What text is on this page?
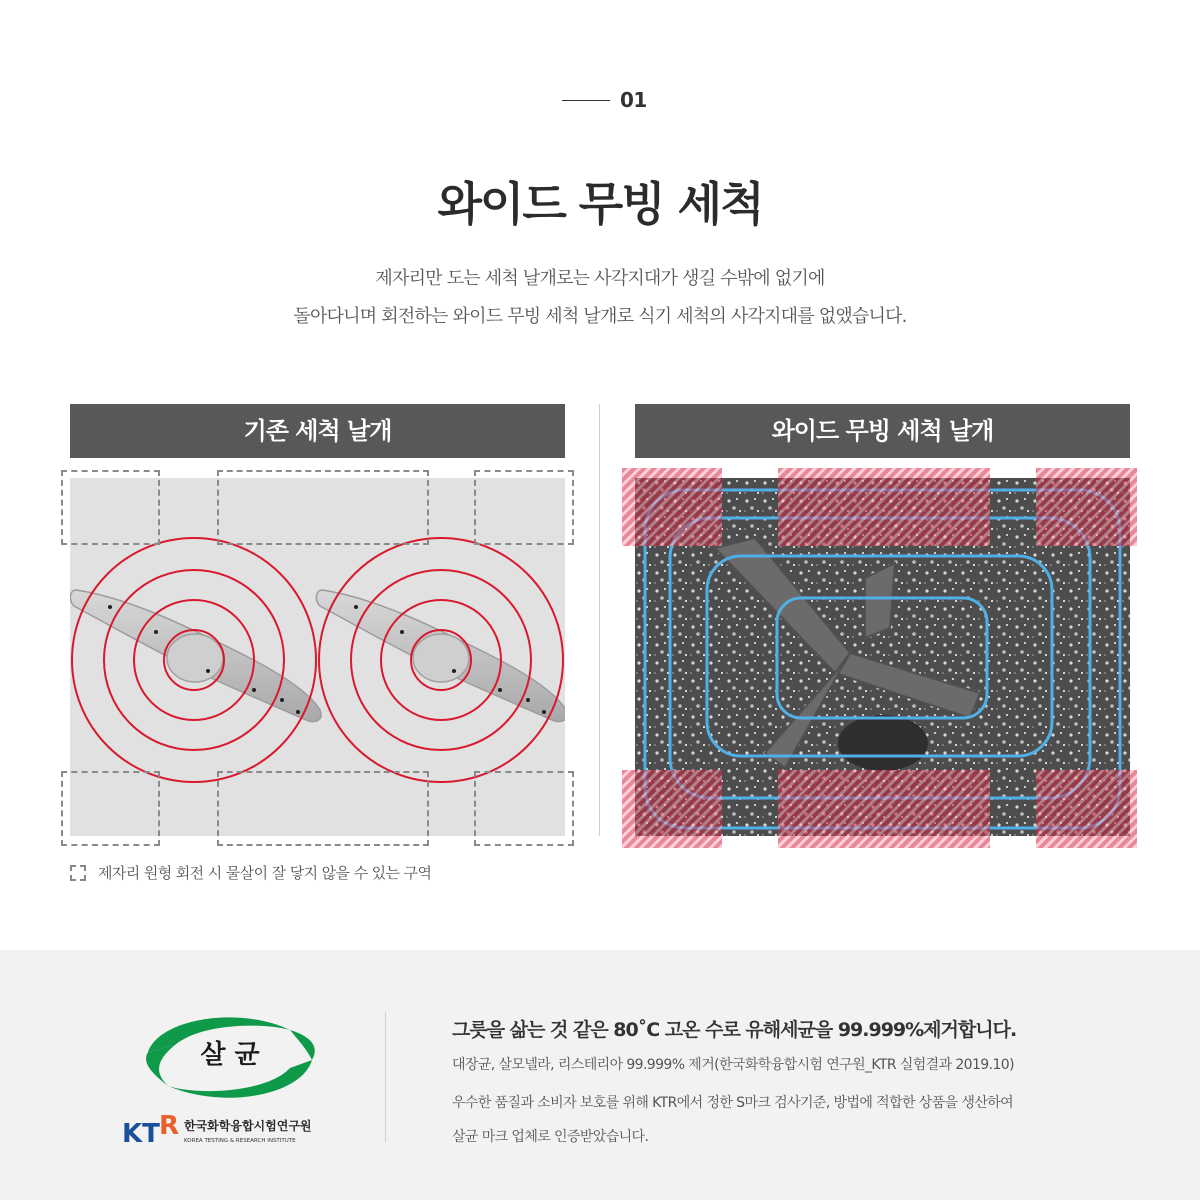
01
와이드 무빙 세척
제자리만 도는 세척 날개로는 사각지대가 생길 수밖에 없기에
돌아다니며 회전하는 와이드 무빙 세척 날개로 식기 세척의 사각지대를 없앴습니다.
기존 세척 날개	와이드 무빙 세척 날개
제자리 원형 회전 시 물살이 잘 닿지 않을 수 있는 구역
살 균
KT R 한국화학융합시험연구원
KOREA TESTING & RESEARCH INSTITUTE
그릇을 삶는 것 같은 80˚C 고온 수로 유해세균을 99.999%제거합니다.
대장균, 살모넬라, 리스테리아 99.999% 제거(한국화학융합시험 연구원_KTR 실험결과 2019.10)
우수한 품질과 소비자 보호를 위해 KTR에서 정한 S마크 검사기준, 방법에 적합한 상품을 생산하여
살균 마크 업체로 인증받았습니다.
